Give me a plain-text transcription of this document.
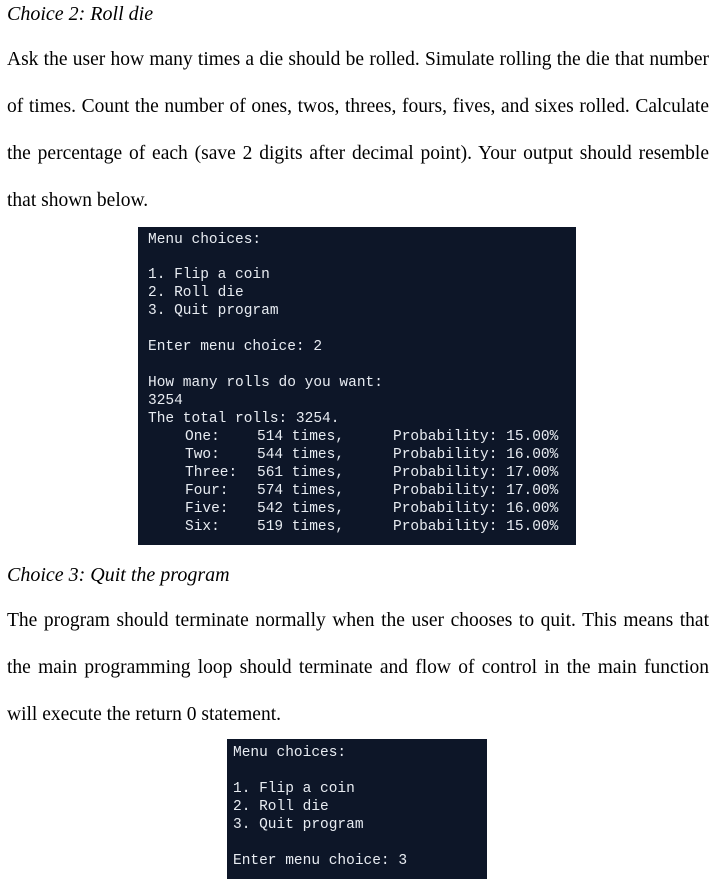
Choice 2: Roll die

Ask the user how many times a die should be rolled. Simulate rolling the die that number of times. Count the number of ones, twos, threes, fours, fives, and sixes rolled. Calculate the percentage of each (save 2 digits after decimal point). Your output should resemble that shown below.

Menu choices:
1. Flip a coin
2. Roll die
3. Quit program
Enter menu choice: 2
How many rolls do you want:
3254
The total rolls: 3254.
One:	514 times,	Probability: 15.00%
Two:	544 times,	Probability: 16.00%
Three: 561 times,	Probability: 17.00%
Four: 574 times,	Probability: 17.00%
Five: 542 times,	Probability: 16.00%
Six:	519 times,	Probability: 15.00%
Choice 3: Quit the program

The program should terminate normally when the user chooses to quit. This means that the main programming loop should terminate and flow of control in the main function will execute the return 0 statement.

Menu choices:
1. Flip a coin
2. Roll die
3. Quit program
Enter menu choice: 3
